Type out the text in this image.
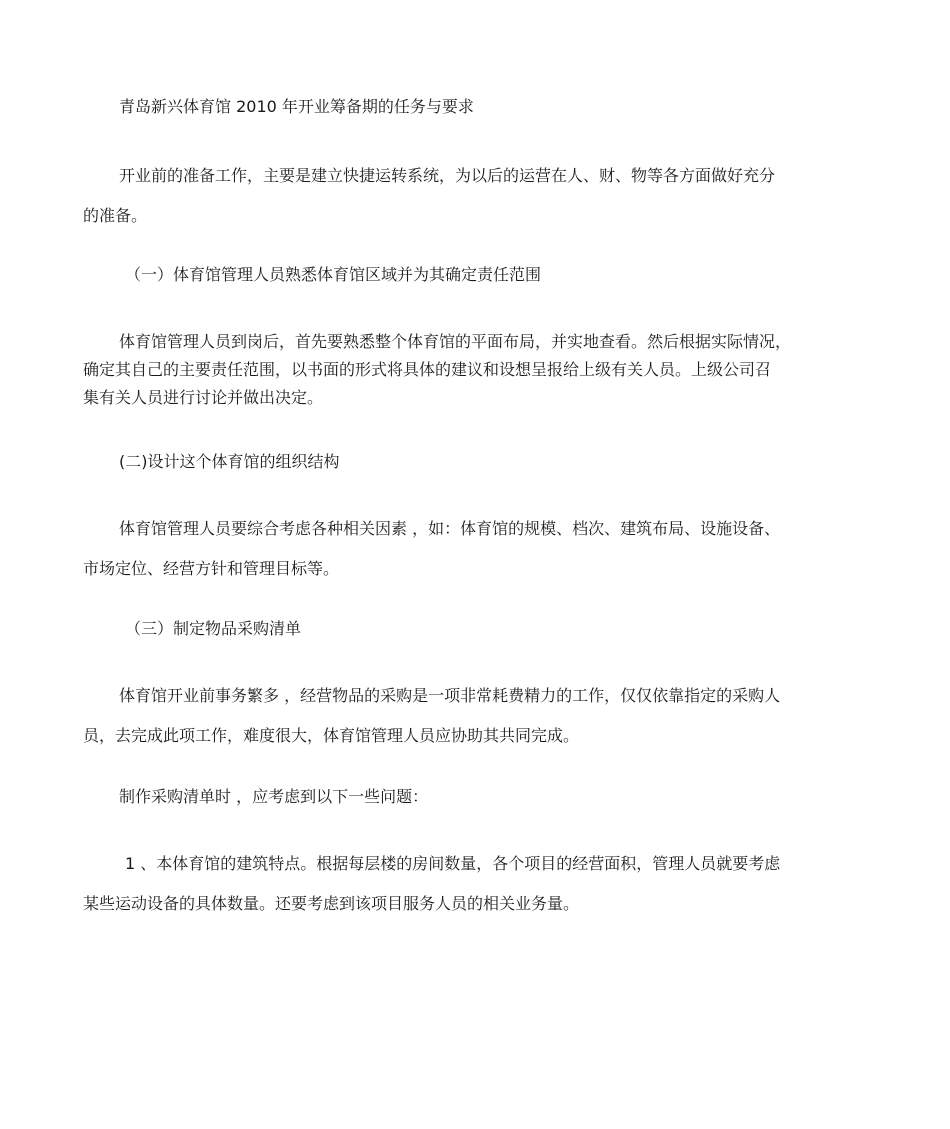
青岛新兴体育馆 2010 年开业筹备期的任务与要求

开业前的准备工作，主要是建立快捷运转系统，为以后的运营在人、财、物等各方面做好充分
的准备。

（一）体育馆管理人员熟悉体育馆区域并为其确定责任范围

体育馆管理人员到岗后，首先要熟悉整个体育馆的平面布局，并实地查看。然后根据实际情况，
确定其自己的主要责任范围，以书面的形式将具体的建议和设想呈报给上级有关人员。上级公司召
集有关人员进行讨论并做出决定。

(二)设计这个体育馆的组织结构

体育馆管理人员要综合考虑各种相关因素 ，如：体育馆的规模、档次、建筑布局、设施设备、
市场定位、经营方针和管理目标等。

（三）制定物品采购清单

体育馆开业前事务繁多 ，经营物品的采购是一项非常耗费精力的工作，仅仅依靠指定的采购人
员，去完成此项工作，难度很大，体育馆管理人员应协助其共同完成。

制作采购清单时 ，应考虑到以下一些问题：

1 、本体育馆的建筑特点。根据每层楼的房间数量，各个项目的经营面积，管理人员就要考虑
某些运动设备的具体数量。还要考虑到该项目服务人员的相关业务量。
